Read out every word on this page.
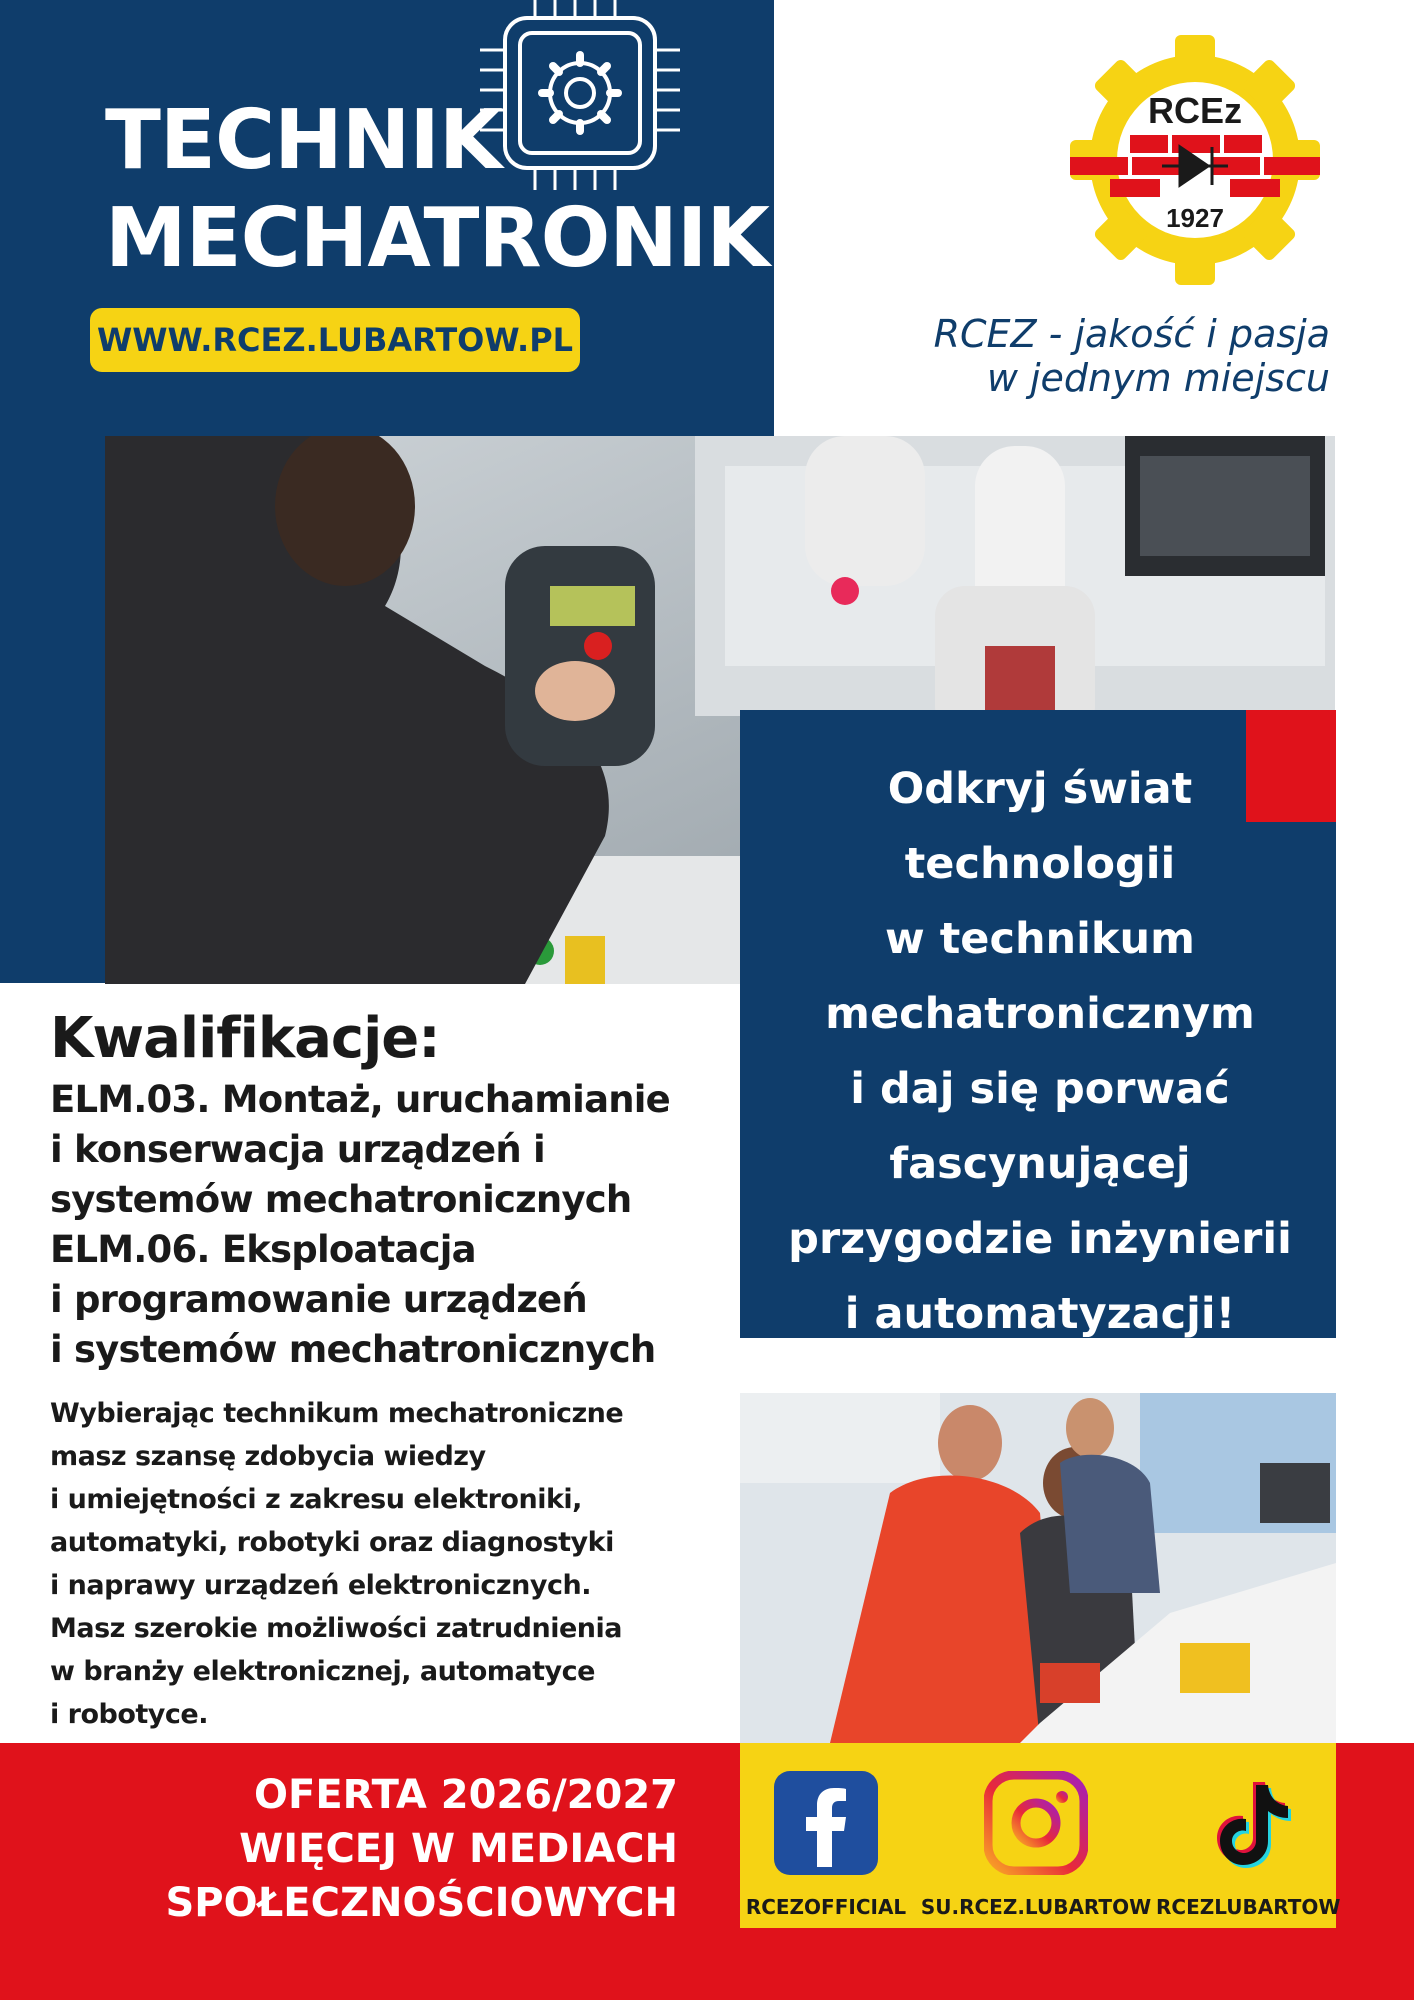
TECHNIK
MECHATRONIK
WWW.RCEZ.LUBARTOW.PL
RCEz
1927
RCEZ - jakość i pasja
w jednym miejscu
Odkryj świat
technologii
w technikum
mechatronicznym
i daj się porwać
fascynującej
przygodzie inżynierii
i automatyzacji!
Kwalifikacje:
ELM.03. Montaż, uruchamianie
i konserwacja urządzeń i
systemów mechatronicznych
ELM.06. Eksploatacja
i programowanie urządzeń
i systemów mechatronicznych
Wybierając technikum mechatroniczne
masz szansę zdobycia wiedzy
i umiejętności z zakresu elektroniki,
automatyki, robotyki oraz diagnostyki
i naprawy urządzeń elektronicznych.
Masz szerokie możliwości zatrudnienia
w branży elektronicznej, automatyce
i robotyce.
OFERTA 2026/2027
WIĘCEJ W MEDIACH
SPOŁECZNOŚCIOWYCH	RCEZOFFICIAL SU.RCEZ.LUBARTOW RCEZLUBARTOW
